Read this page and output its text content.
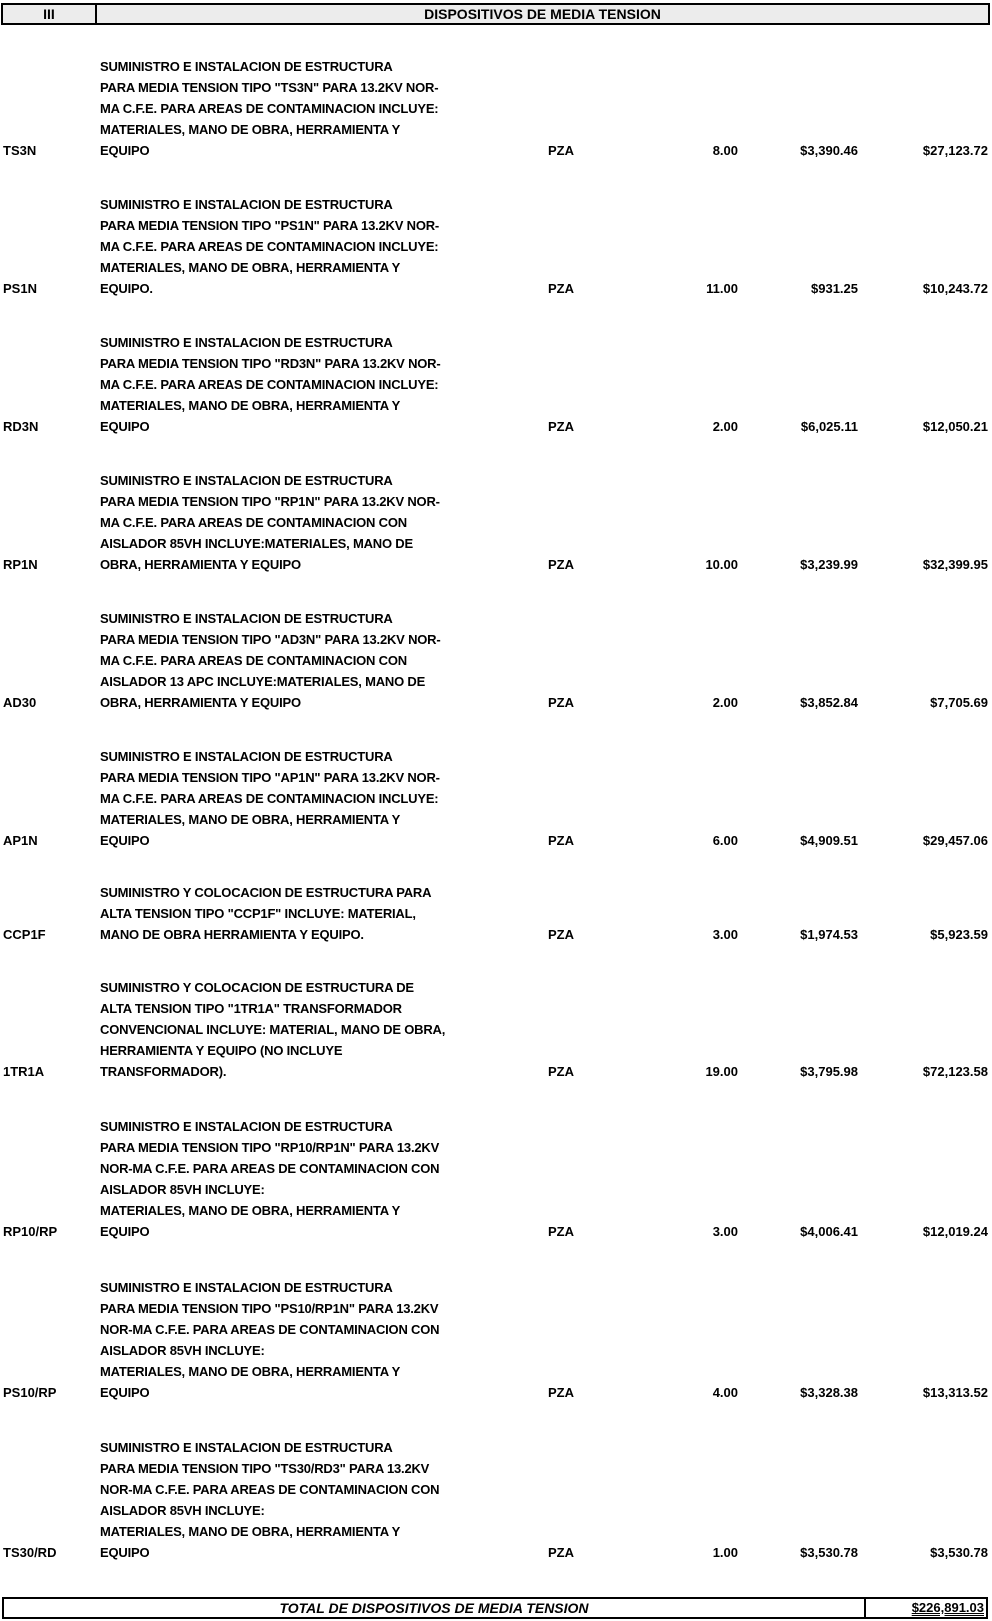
III	DISPOSITIVOS DE MEDIA TENSION
TS3N
SUMINISTRO E INSTALACION DE ESTRUCTURA
PARA MEDIA TENSION TIPO "TS3N" PARA 13.2KV NOR-
MA C.F.E. PARA AREAS DE CONTAMINACION INCLUYE:
MATERIALES, MANO DE OBRA, HERRAMIENTA Y
EQUIPO	PZA	8.00	$3,390.46	$27,123.72
PS1N
SUMINISTRO E INSTALACION DE ESTRUCTURA
PARA MEDIA TENSION TIPO "PS1N" PARA 13.2KV NOR-
MA C.F.E. PARA AREAS DE CONTAMINACION INCLUYE:
MATERIALES, MANO DE OBRA, HERRAMIENTA Y
EQUIPO.	PZA	11.00	$931.25	$10,243.72
RD3N
SUMINISTRO E INSTALACION DE ESTRUCTURA
PARA MEDIA TENSION TIPO "RD3N" PARA 13.2KV NOR-
MA C.F.E. PARA AREAS DE CONTAMINACION INCLUYE:
MATERIALES, MANO DE OBRA, HERRAMIENTA Y
EQUIPO	PZA	2.00	$6,025.11	$12,050.21
RP1N
SUMINISTRO E INSTALACION DE ESTRUCTURA
PARA MEDIA TENSION TIPO "RP1N" PARA 13.2KV NOR-
MA C.F.E. PARA AREAS DE CONTAMINACION CON
AISLADOR 85VH INCLUYE:MATERIALES, MANO DE
OBRA, HERRAMIENTA Y EQUIPO	PZA	10.00	$3,239.99	$32,399.95
AD30
SUMINISTRO E INSTALACION DE ESTRUCTURA
PARA MEDIA TENSION TIPO "AD3N" PARA 13.2KV NOR-
MA C.F.E. PARA AREAS DE CONTAMINACION CON
AISLADOR 13 APC INCLUYE:MATERIALES, MANO DE
OBRA, HERRAMIENTA Y EQUIPO	PZA	2.00	$3,852.84	$7,705.69
AP1N
SUMINISTRO E INSTALACION DE ESTRUCTURA
PARA MEDIA TENSION TIPO "AP1N" PARA 13.2KV NOR-
MA C.F.E. PARA AREAS DE CONTAMINACION INCLUYE:
MATERIALES, MANO DE OBRA, HERRAMIENTA Y
EQUIPO	PZA	6.00	$4,909.51	$29,457.06
CCP1F
SUMINISTRO Y COLOCACION DE ESTRUCTURA PARA
ALTA TENSION TIPO "CCP1F" INCLUYE: MATERIAL,
MANO DE OBRA HERRAMIENTA Y EQUIPO.	PZA	3.00	$1,974.53	$5,923.59
1TR1A
SUMINISTRO Y COLOCACION DE ESTRUCTURA DE
ALTA TENSION TIPO "1TR1A" TRANSFORMADOR
CONVENCIONAL INCLUYE: MATERIAL, MANO DE OBRA,
HERRAMIENTA Y EQUIPO (NO INCLUYE
TRANSFORMADOR).	PZA	19.00	$3,795.98	$72,123.58
RP10/RP
SUMINISTRO E INSTALACION DE ESTRUCTURA
PARA MEDIA TENSION TIPO "RP10/RP1N" PARA 13.2KV
NOR-MA C.F.E. PARA AREAS DE CONTAMINACION CON
AISLADOR 85VH INCLUYE:
MATERIALES, MANO DE OBRA, HERRAMIENTA Y
EQUIPO	PZA	3.00	$4,006.41	$12,019.24
PS10/RP
SUMINISTRO E INSTALACION DE ESTRUCTURA
PARA MEDIA TENSION TIPO "PS10/RP1N" PARA 13.2KV
NOR-MA C.F.E. PARA AREAS DE CONTAMINACION CON
AISLADOR 85VH INCLUYE:
MATERIALES, MANO DE OBRA, HERRAMIENTA Y
EQUIPO	PZA	4.00	$3,328.38	$13,313.52
TS30/RD
SUMINISTRO E INSTALACION DE ESTRUCTURA
PARA MEDIA TENSION TIPO "TS30/RD3" PARA 13.2KV
NOR-MA C.F.E. PARA AREAS DE CONTAMINACION CON
AISLADOR 85VH INCLUYE:
MATERIALES, MANO DE OBRA, HERRAMIENTA Y
EQUIPO	PZA	1.00	$3,530.78	$3,530.78
TOTAL DE DISPOSITIVOS DE MEDIA TENSION	$226,891.03
